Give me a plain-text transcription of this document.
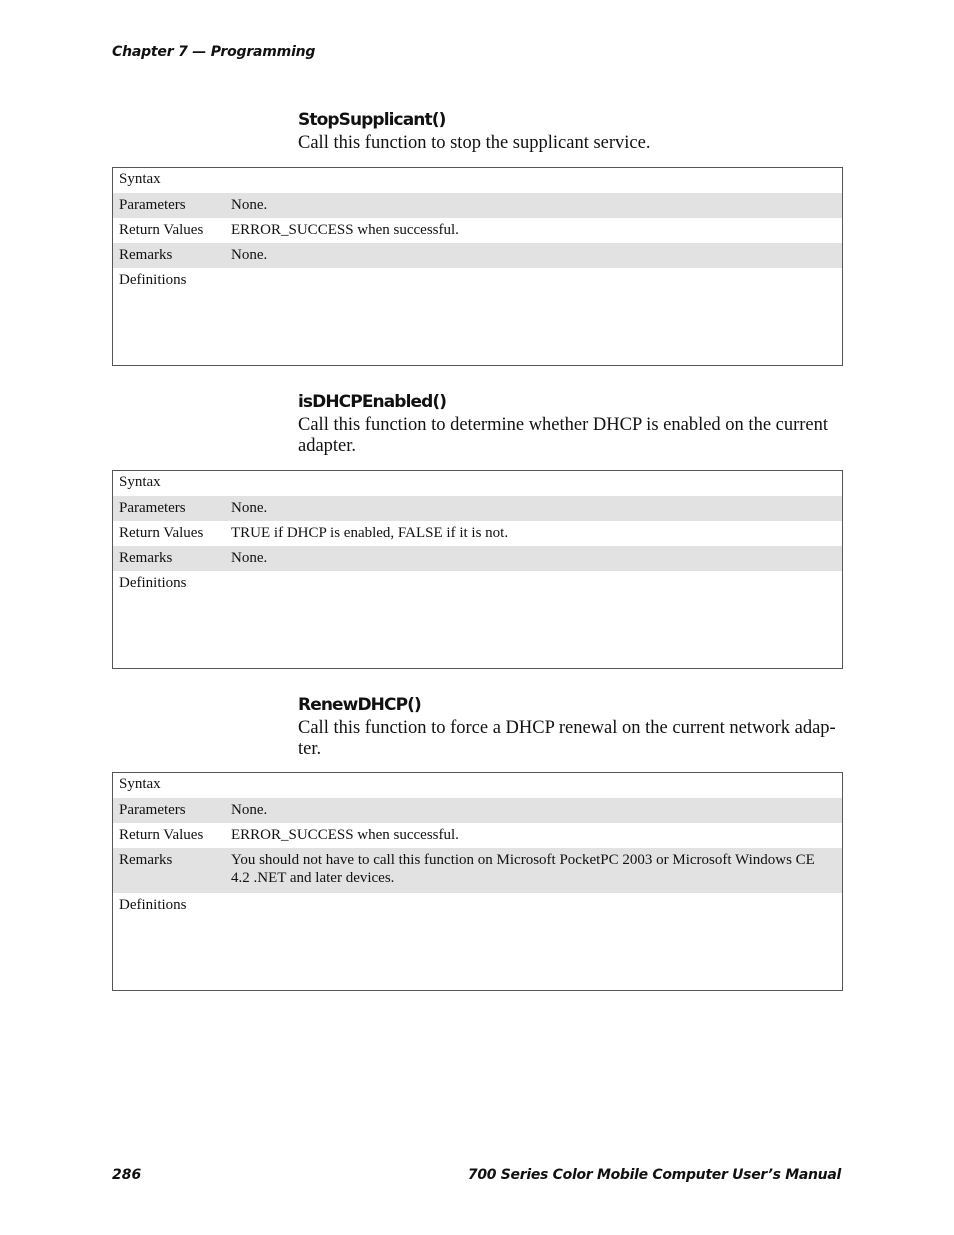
Chapter 7 — Programming
StopSupplicant()

Call this function to stop the supplicant service.

Syntax
Parameters	None.
Return Values	ERROR_SUCCESS when successful.
Remarks	None.
Definitions
isDHCPEnabled()

Call this function to determine whether DHCP is enabled on the current adapter.

Syntax
Parameters	None.
Return Values	TRUE if DHCP is enabled, FALSE if it is not.
Remarks	None.
Definitions
RenewDHCP()

Call this function to force a DHCP renewal on the current network adap-ter.

Syntax
Parameters	None.
Return Values	ERROR_SUCCESS when successful.
Remarks	You should not have to call this function on Microsoft PocketPC 2003 or Microsoft Windows CE 4.2 .NET and later devices.
Definitions
286	700 Series Color Mobile Computer User’s Manual
